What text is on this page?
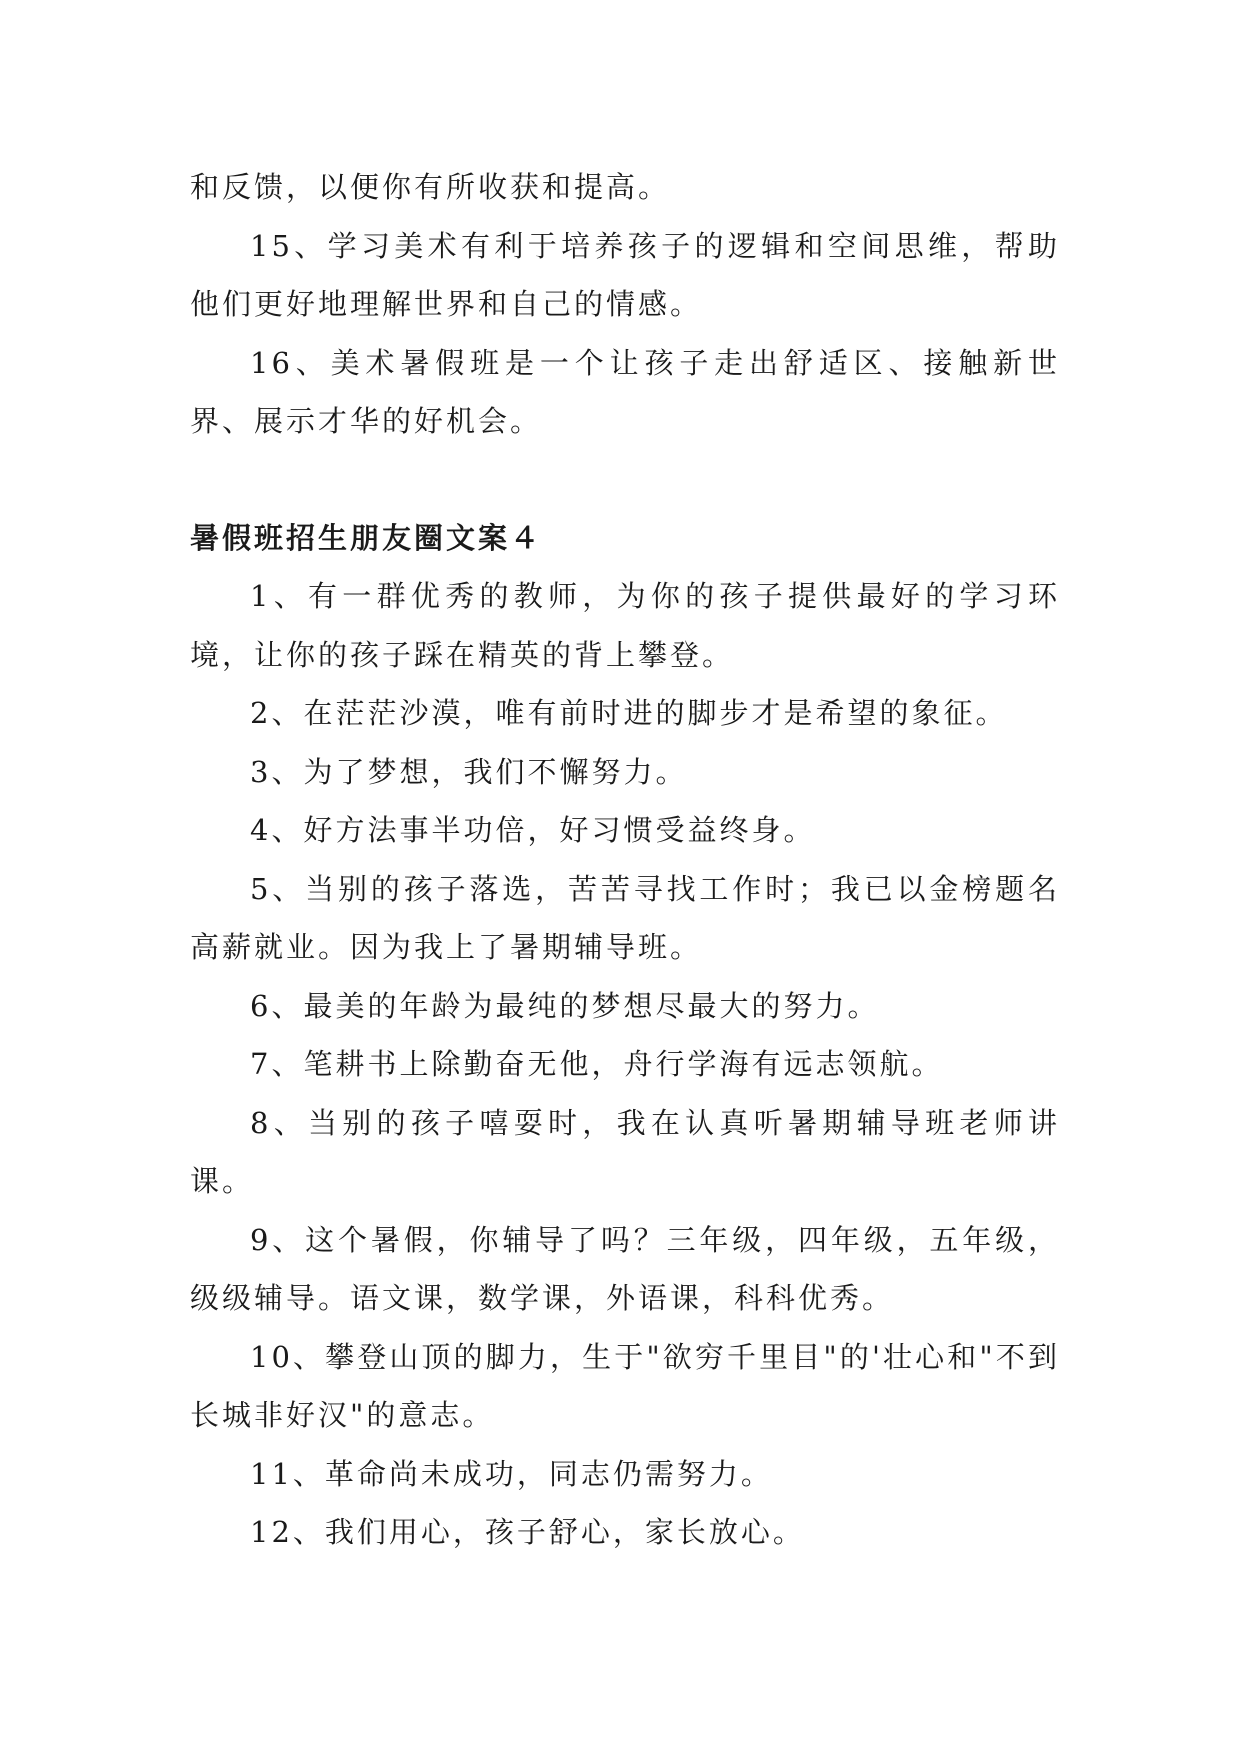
和反馈，以便你有所收获和提高。

15、学习美术有利于培养孩子的逻辑和空间思维，帮助他们更好地理解世界和自己的情感。

16、美术暑假班是一个让孩子走出舒适区、接触新世界、展示才华的好机会。

暑假班招生朋友圈文案４

1、有一群优秀的教师，为你的孩子提供最好的学习环境，让你的孩子踩在精英的背上攀登。

2、在茫茫沙漠，唯有前时进的脚步才是希望的象征。

3、为了梦想，我们不懈努力。

4、好方法事半功倍，好习惯受益终身。

5、当别的孩子落选，苦苦寻找工作时；我已以金榜题名高薪就业。因为我上了暑期辅导班。

6、最美的年龄为最纯的梦想尽最大的努力。

7、笔耕书上除勤奋无他，舟行学海有远志领航。

8、当别的孩子嘻耍时，我在认真听暑期辅导班老师讲课。

9、这个暑假，你辅导了吗？三年级，四年级，五年级，级级辅导。语文课，数学课，外语课，科科优秀。

10、攀登山顶的脚力，生于"欲穷千里目"的'壮心和"不到长城非好汉"的意志。

11、革命尚未成功，同志仍需努力。

12、我们用心，孩子舒心，家长放心。
